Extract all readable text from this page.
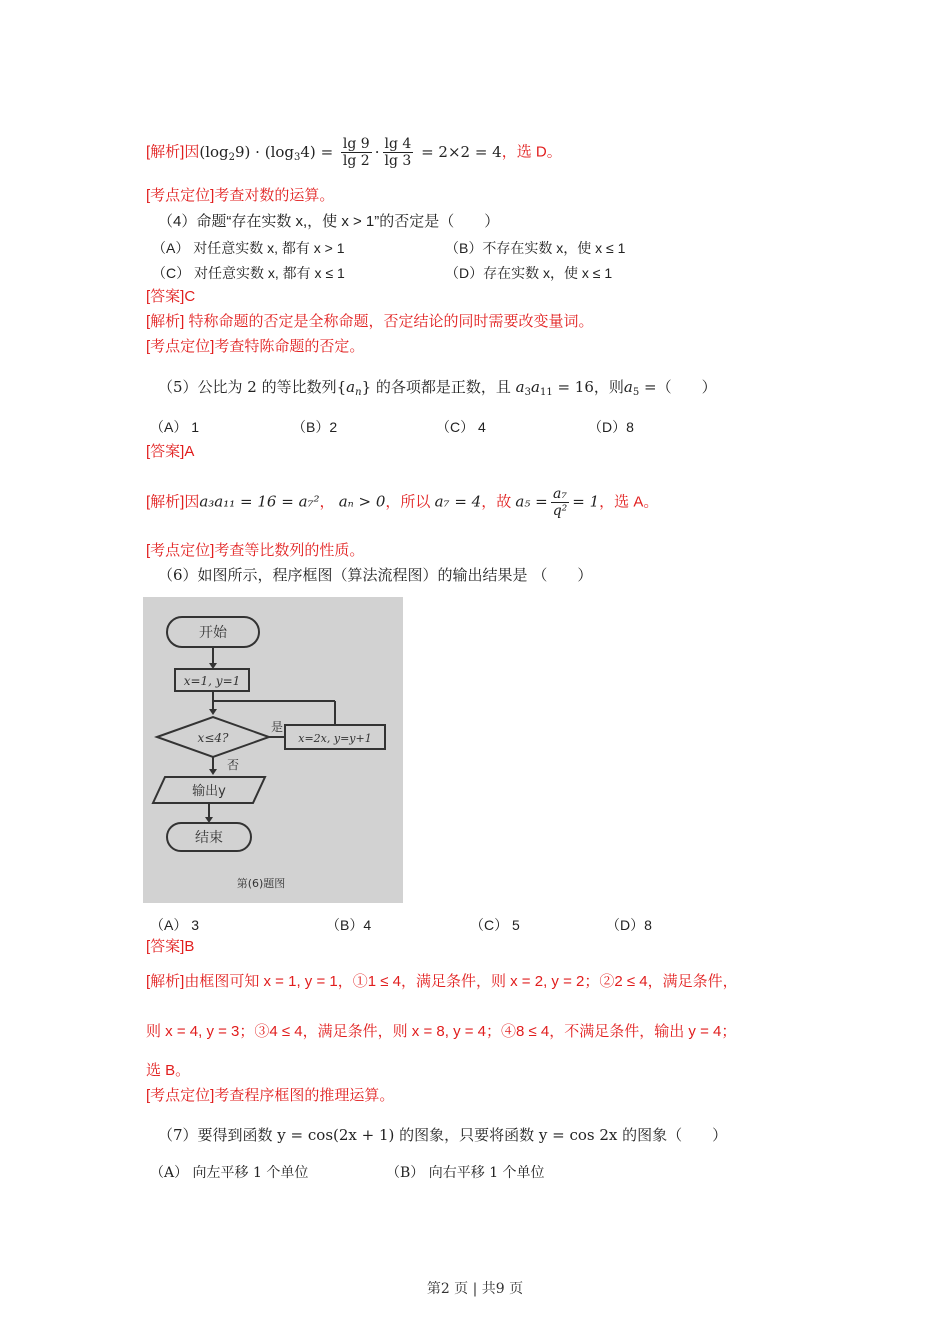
[解析]因$(\log_29) \cdot (\log_34) = \frac{\lg 9}{\lg 2} \cdot \frac{\lg 4}{\lg 3} = 2\times 2 = 4$，选 D。
[考点定位]考查对数的运算。
（4）命题“存在实数 x,，使 x > 1”的否定是（　　）
（A） 对任意实数 x, 都有 x > 1	（B）不存在实数 x，使 x ≤ 1
（C） 对任意实数 x, 都有 x ≤ 1	（D）存在实数 x，使 x ≤ 1
[答案]C
[解析] 特称命题的否定是全称命题，否定结论的同时需要改变量词。
[考点定位]考查特陈命题的否定。
（5）公比为 2 的等比数列$\{a_n\}$ 的各项都是正数，且 $a_3a_{11} = 16$，则$a_5$ =（　　）
（A） 1	（B）2	（C） 4	（D）8
[答案]A
[解析]因a₃a₁₁ = 16 = a₇²， aₙ > 0，所以 a₇ = 4，故 $a_5 = \frac{\text{a₇}}{\text{q²}} = 1$，选 A。
[考点定位]考查等比数列的性质。
（6）如图所示，程序框图（算法流程图）的输出结果是 （　　）
开始
x=1, y=1
x≤4?
是
x=2x, y=y+1
否
输出y
结束
第(6)题图
（A） 3	（B）4	（C） 5	（D）8
[答案]B
[解析]由框图可知 x = 1, y = 1，①1 ≤ 4，满足条件，则 x = 2, y = 2；②2 ≤ 4，满足条件，
则 x = 4, y = 3；③4 ≤ 4，满足条件，则 x = 8, y = 4；④8 ≤ 4，不满足条件，输出 y = 4；
选 B。
[考点定位]考查程序框图的推理运算。
（7）要得到函数 y = cos(2x + 1) 的图象，只要将函数 y = cos 2x 的图象（　　）
（A） 向左平移 1 个单位	（B） 向右平移 1 个单位
第2 页 | 共9 页
